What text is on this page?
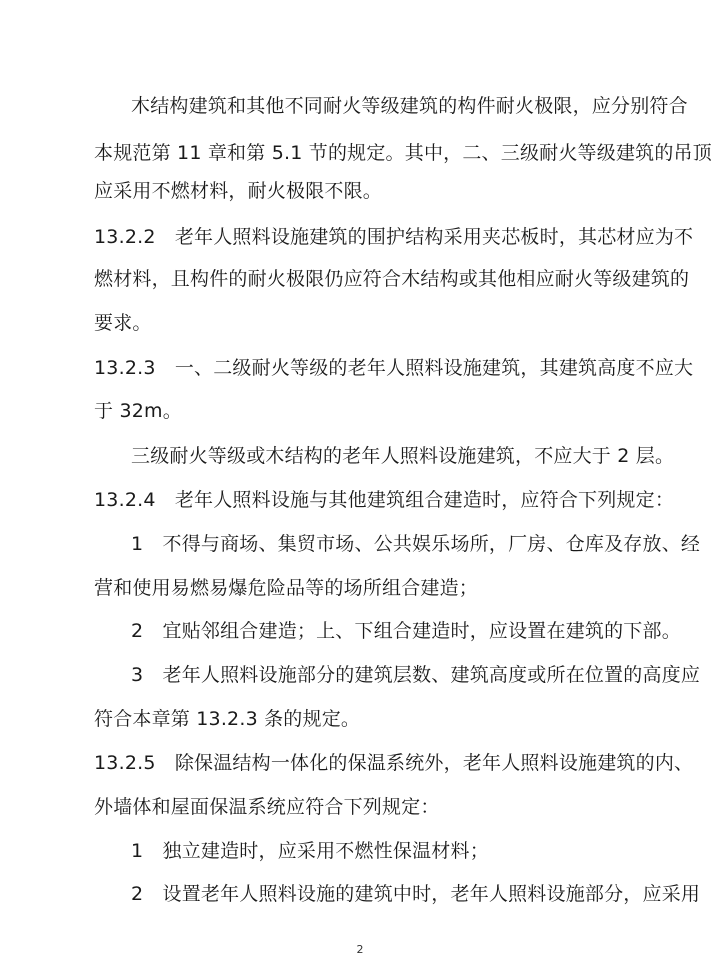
木结构建筑和其他不同耐火等级建筑的构件耐火极限，应分别符合
本规范第 11 章和第 5.1 节的规定。其中，二、三级耐火等级建筑的吊顶
应采用不燃材料，耐火极限不限。
13.2.2　老年人照料设施建筑的围护结构采用夹芯板时，其芯材应为不
燃材料，且构件的耐火极限仍应符合木结构或其他相应耐火等级建筑的
要求。
13.2.3　一、二级耐火等级的老年人照料设施建筑，其建筑高度不应大
于 32m。
三级耐火等级或木结构的老年人照料设施建筑，不应大于 2 层。
13.2.4　老年人照料设施与其他建筑组合建造时，应符合下列规定：
1　不得与商场、集贸市场、公共娱乐场所，厂房、仓库及存放、经
营和使用易燃易爆危险品等的场所组合建造；
2　宜贴邻组合建造；上、下组合建造时，应设置在建筑的下部。
3　老年人照料设施部分的建筑层数、建筑高度或所在位置的高度应
符合本章第 13.2.3 条的规定。
13.2.5　除保温结构一体化的保温系统外，老年人照料设施建筑的内、
外墙体和屋面保温系统应符合下列规定：
1　独立建造时，应采用不燃性保温材料；
2　设置老年人照料设施的建筑中时，老年人照料设施部分，应采用
2
